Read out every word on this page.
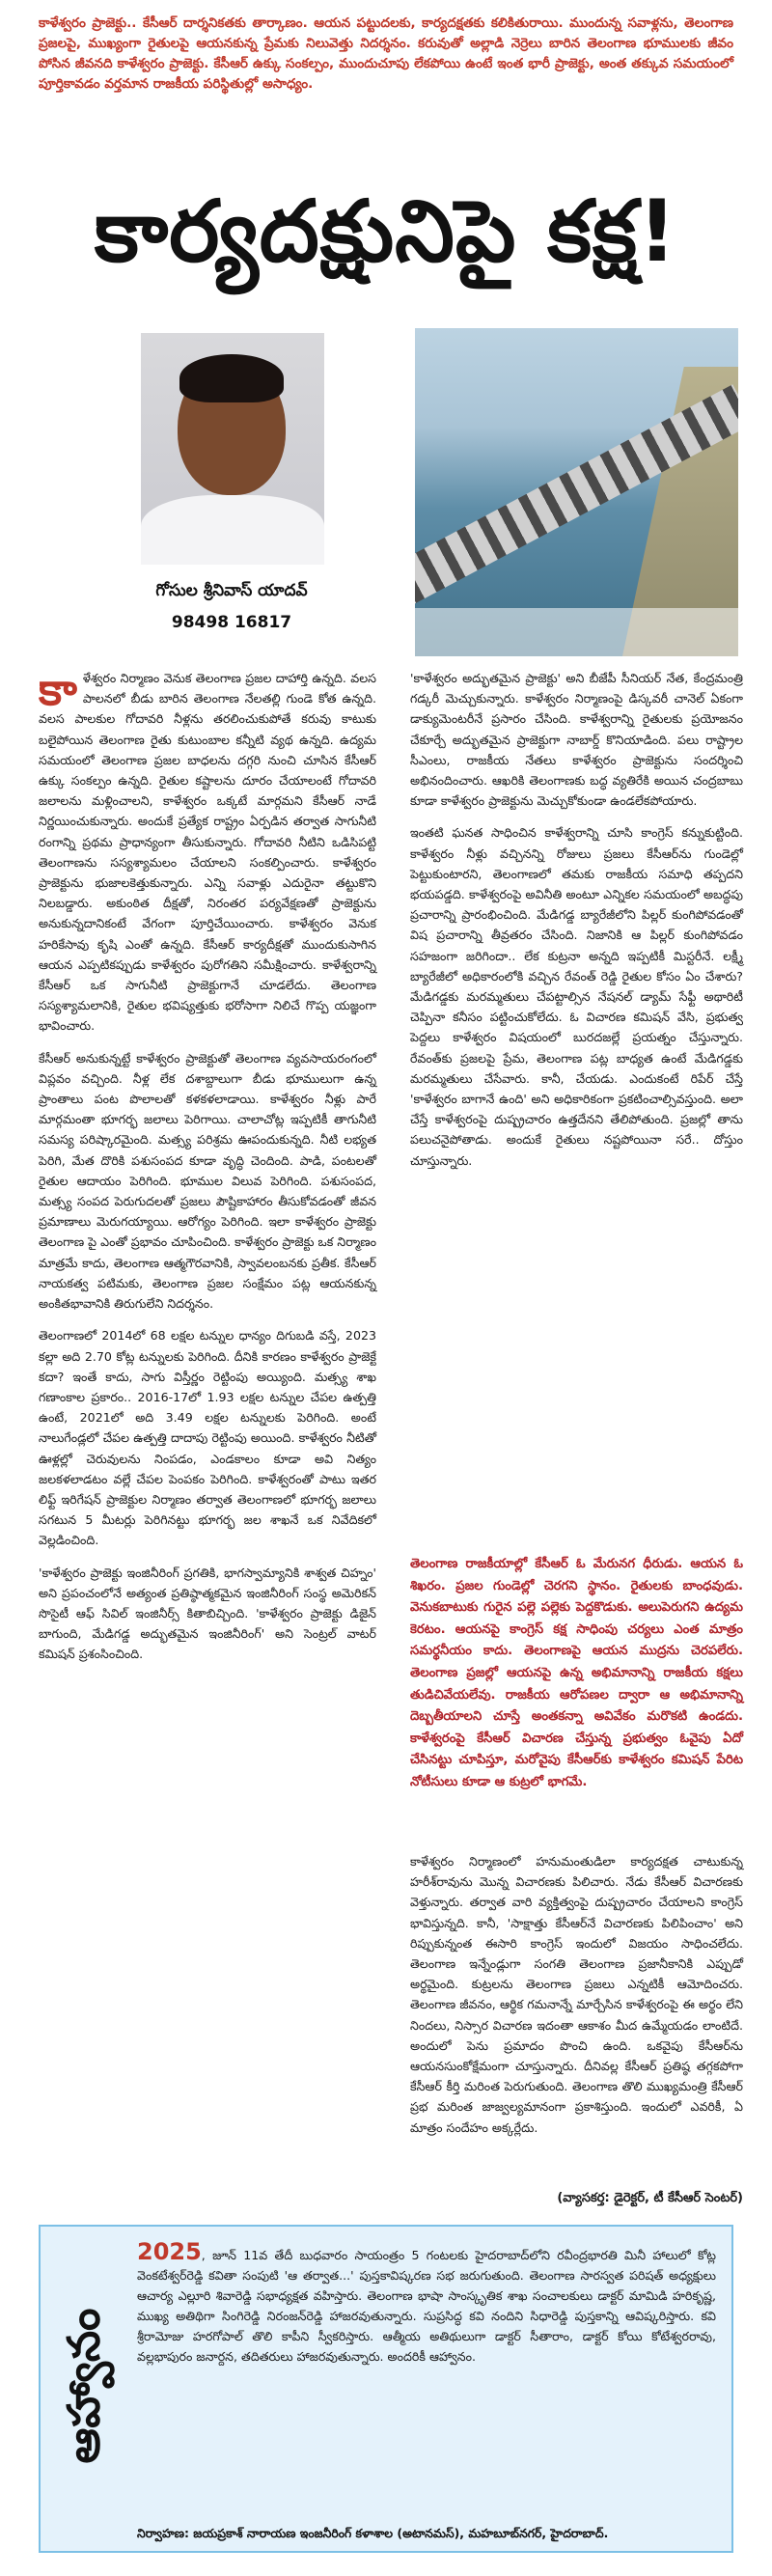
కాళేశ్వరం ప్రాజెక్టు.. కేసీఆర్ దార్శనికతకు తార్కాణం. ఆయన పట్టుదలకు, కార్యదక్షతకు కలికితురాయి. ముందున్న సవాళ్లను, తెలంగాణ ప్రజలపై, ముఖ్యంగా రైతులపై ఆయనకున్న ప్రేమకు నిలువెత్తు నిదర్శనం. కరువుతో అల్లాడి నెర్రెలు బారిన తెలంగాణ భూములకు జీవం పోసిన జీవనది కాళేశ్వరం ప్రాజెక్టు. కేసీఆర్ ఉక్కు సంకల్పం, ముందుచూపు లేకపోయి ఉంటే ఇంత భారీ ప్రాజెక్టు, అంత తక్కువ సమయంలో పూర్తికావడం వర్తమాన రాజకీయ పరిస్థితుల్లో అసాధ్యం.
కార్యదక్షునిపై కక్ష!
గోసుల శ్రీనివాస్ యాదవ్
98498 16817

కాళేశ్వరం నిర్మాణం వెనుక తెలంగాణ ప్రజల దాహార్తి ఉన్నది. వలస పాలనలో బీడు బారిన తెలంగాణ నేలతల్లి గుండె కోత ఉన్నది. వలస పాలకుల గోదావరి నీళ్లను తరలించుకుపోతే కరువు కాటుకు బలైపోయిన తెలంగాణ రైతు కుటుంబాల కన్నీటి వ్యథ ఉన్నది. ఉద్యమ సమయంలో తెలంగాణ ప్రజల బాధలను దగ్గరి నుంచి చూసిన కేసీఆర్ ఉక్కు సంకల్పం ఉన్నది. రైతుల కష్టాలను దూరం చేయాలంటే గోదావరి జలాలను మళ్లించాలని, కాళేశ్వరం ఒక్కటే మార్గమని కేసీఆర్ నాడే నిర్ణయించుకున్నారు. అందుకే ప్రత్యేక రాష్ట్రం ఏర్పడిన తర్వాత సాగునీటి రంగాన్ని ప్రథమ ప్రాధాన్యంగా తీసుకున్నారు. గోదావరి నీటిని ఒడిసిపట్టి తెలంగాణను సస్యశ్యామలం చేయాలని సంకల్పించారు. కాళేశ్వరం ప్రాజెక్టును భుజాలకెత్తుకున్నారు. ఎన్ని సవాళ్లు ఎదురైనా తట్టుకొని నిలబడ్డారు. అకుంఠిత దీక్షతో, నిరంతర పర్యవేక్షణతో ప్రాజెక్టును అనుకున్నదానికంటే వేగంగా పూర్తిచేయించారు. కాళేశ్వరం వెనుక హరికేసావు కృషి ఎంతో ఉన్నది. కేసీఆర్ కార్యదీక్షతో ముందుకుసాగిన ఆయన ఎప్పటికప్పుడు కాళేశ్వరం పురోగతిని సమీక్షించారు. కాళేశ్వరాన్ని కేసీఆర్ ఒక సాగునీటి ప్రాజెక్టుగానే చూడలేదు. తెలంగాణ సస్యశ్యామలానికి, రైతుల భవిష్యత్తుకు భరోసాగా నిలిచే గొప్ప యజ్ఞంగా భావించారు.

కేసీఆర్ అనుకున్నట్టే కాళేశ్వరం ప్రాజెక్టుతో తెలంగాణ వ్యవసాయరంగంలో విప్లవం వచ్చింది. నీళ్ల లేక దశాబ్దాలుగా బీడు భూములుగా ఉన్న ప్రాంతాలు పంట పొలాలతో కళకళలాడాయి. కాళేశ్వరం నీళ్లు పారే మార్గమంతా భూగర్భ జలాలు పెరిగాయి. చాలాచోట్ల ఇప్పటికీ తాగునీటి సమస్య పరిష్కారమైంది. మత్స్య పరిశ్రమ ఊపందుకున్నది. నీటి లభ్యత పెరిగి, మేత దొరికి పశుసంపద కూడా వృద్ధి చెందింది. పాడి, పంటలతో రైతుల ఆదాయం పెరిగింది. భూముల విలువ పెరిగింది. పశుసంపద, మత్స్య సంపద పెరుగుదలతో ప్రజలు పౌష్టికాహారం తీసుకోవడంతో జీవన ప్రమాణాలు మెరుగయ్యాయి. ఆరోగ్యం పెరిగింది. ఇలా కాళేశ్వరం ప్రాజెక్టు తెలంగాణ పై ఎంతో ప్రభావం చూపించింది. కాళేశ్వరం ప్రాజెక్టు ఒక నిర్మాణం మాత్రమే కాదు, తెలంగాణ ఆత్మగౌరవానికి, స్వావలంబనకు ప్రతీక. కేసీఆర్ నాయకత్వ పటిమకు, తెలంగాణ ప్రజల సంక్షేమం పట్ల ఆయనకున్న అంకితభావానికి తిరుగులేని నిదర్శనం.

తెలంగాణలో 2014లో 68 లక్షల టన్నుల ధాన్యం దిగుబడి వస్తే, 2023 కల్లా అది 2.70 కోట్ల టన్నులకు పెరిగింది. దీనికి కారణం కాళేశ్వరం ప్రాజెక్టే కదా? ఇంతే కాదు, సాగు విస్తీర్ణం రెట్టింపు అయ్యింది. మత్స్య శాఖ గణాంకాల ప్రకారం.. 2016-17లో 1.93 లక్షల టన్నుల చేపల ఉత్పత్తి ఉంటే, 2021లో అది 3.49 లక్షల టన్నులకు పెరిగింది. అంటే నాలుగేండ్లలో చేపల ఉత్పత్తి దాదాపు రెట్టింపు అయింది. కాళేశ్వరం నీటితో ఊళ్లల్లో చెరువులను నింపడం, ఎండకాలం కూడా అవి నిత్యం జలకళలాడటం వల్లే చేపల పెంపకం పెరిగింది. కాళేశ్వరంతో పాటు ఇతర లిఫ్ట్ ఇరిగేషన్ ప్రాజెక్టుల నిర్మాణం తర్వాత తెలంగాణలో భూగర్భ జలాలు సగటున 5 మీటర్లు పెరిగినట్టు భూగర్భ జల శాఖనే ఒక నివేదికలో వెల్లడించింది.

'కాళేశ్వరం ప్రాజెక్టు ఇంజినీరింగ్ ప్రగతికి, భాగస్వామ్యానికి శాశ్వత చిహ్నం' అని ప్రపంచంలోనే అత్యంత ప్రతిష్ఠాత్మకమైన ఇంజినీరింగ్ సంస్థ అమెరికన్ సొసైటీ ఆఫ్ సివిల్ ఇంజినీర్స్ కితాబిచ్చింది. 'కాళేశ్వరం ప్రాజెక్టు డిజైన్ బాగుంది, మేడిగడ్డ అద్భుతమైన ఇంజినీరింగ్' అని సెంట్రల్ వాటర్ కమిషన్ ప్రశంసించింది.

'కాళేశ్వరం అద్భుతమైన ప్రాజెక్టు' అని బీజేపీ సీనియర్ నేత, కేంద్రమంత్రి గడ్కరీ మెచ్చుకున్నారు. కాళేశ్వరం నిర్మాణంపై డిస్కవరీ చానెల్ ఏకంగా డాక్యుమెంటరీనే ప్రసారం చేసింది. కాళేశ్వరాన్ని రైతులకు ప్రయోజనం చేకూర్చే అద్భుతమైన ప్రాజెక్టుగా నాబార్డ్ కొనియాడింది. పలు రాష్ట్రాల సీఎంలు, రాజకీయ నేతలు కాళేశ్వరం ప్రాజెక్టును సందర్శించి అభినందించారు. ఆఖరికి తెలంగాణకు బద్ధ వ్యతిరేకి అయిన చంద్రబాబు కూడా కాళేశ్వరం ప్రాజెక్టును మెచ్చుకోకుండా ఉండలేకపోయారు.

ఇంతటి ఘనత సాధించిన కాళేశ్వరాన్ని చూసి కాంగ్రెస్ కన్నుకుట్టింది. కాళేశ్వరం నీళ్లు వచ్చినన్ని రోజులు ప్రజలు కేసీఆర్‌ను గుండెల్లో పెట్టుకుంటారని, తెలంగాణలో తమకు రాజకీయ సమాధి తప్పదని భయపడ్డది. కాళేశ్వరంపై అవినీతి అంటూ ఎన్నికల సమయంలో అబద్ధపు ప్రచారాన్ని ప్రారంభించింది. మేడిగడ్డ బ్యారేజీలోని పిల్లర్ కుంగిపోవడంతో విష ప్రచారాన్ని తీవ్రతరం చేసింది. నిజానికి ఆ పిల్లర్ కుంగిపోవడం సహజంగా జరిగిందా.. లేక కుట్రనా అన్నది ఇప్పటికీ మిస్టరీనే. లక్ష్మీ బ్యారేజీలో అధికారంలోకి వచ్చిన రేవంత్ రెడ్డి రైతుల కోసం ఏం చేశారు? మేడిగడ్డకు మరమ్మతులు చేపట్టాల్సిన నేషనల్ డ్యామ్ సేఫ్టీ అథారిటీ చెప్పినా కనీసం పట్టించుకోలేదు. ఓ విచారణ కమిషన్ వేసి, ప్రభుత్వ పెద్దలు కాళేశ్వరం విషయంలో బురదజల్లే ప్రయత్నం చేస్తున్నారు. రేవంత్‌కు ప్రజలపై ప్రేమ, తెలంగాణ పట్ల బాధ్యత ఉంటే మేడిగడ్డకు మరమ్మతులు చేసేవారు. కానీ, చేయడు. ఎందుకంటే రిపేర్ చేస్తే 'కాళేశ్వరం బాగానే ఉంది' అని అధికారికంగా ప్రకటించాల్సివస్తుంది. అలా చేస్తే కాళేశ్వరంపై దుష్ప్రచారం ఉత్తదేనని తేలిపోతుంది. ప్రజల్లో తాను పలుచనైపోతాడు. అందుకే రైతులు నష్టపోయినా సరే.. దోస్తుం చూస్తున్నారు.

తెలంగాణ రాజకీయాల్లో కేసీఆర్ ఓ మేరునగ ధీరుడు. ఆయన ఓ శిఖరం. ప్రజల గుండెల్లో చెరగని స్థానం. రైతులకు బాంధవుడు. వెనుకబాటుకు గురైన పల్లె పల్లెకు పెద్దకొడుకు. అలుపెరుగని ఉద్యమ కెరటం. ఆయనపై కాంగ్రెస్ కక్ష సాధింపు చర్యలు ఎంత మాత్రం సమర్థనీయం కాదు. తెలంగాణపై ఆయన ముద్రను చెరపలేరు. తెలంగాణ ప్రజల్లో ఆయనపై ఉన్న అభిమానాన్ని రాజకీయ కక్షలు తుడిచివేయలేవు. రాజకీయ ఆరోపణల ద్వారా ఆ అభిమానాన్ని దెబ్బతీయాలని చూస్తే అంతకన్నా అవివేకం మరొకటి ఉండదు. కాళేశ్వరంపై కేసీఆర్ విచారణ చేస్తున్న ప్రభుత్వం ఓవైపు ఏదో చేసినట్టు చూపిస్తూ, మరోవైపు కేసీఆర్‌కు కాళేశ్వరం కమిషన్ పేరిట నోటీసులు కూడా ఆ కుట్రలో భాగమే.

కాళేశ్వరం నిర్మాణంలో హనుమంతుడిలా కార్యదక్షత చాటుకున్న హరీశ్‌రావును మొన్న విచారణకు పిలిచారు. నేడు కేసీఆర్ విచారణకు వెళ్తున్నారు. తర్వాత వారి వ్యక్తిత్వంపై దుష్ప్రచారం చేయాలని కాంగ్రెస్ భావిస్తున్నది. కానీ, 'సాక్షాత్తు కేసీఆర్‌నే విచారణకు పిలిపించాం' అని రిప్పుకున్నంత ఈసారి కాంగ్రెస్ ఇందులో విజయం సాధించలేదు. తెలంగాణ ఇన్నేండ్లుగా సంగతి తెలంగాణ ప్రజానీకానికి ఎప్పుడో అర్థమైంది. కుట్రలను తెలంగాణ ప్రజలు ఎన్నటికీ ఆమోదించరు. తెలంగాణ జీవనం, ఆర్థిక గమనాన్నే మార్చేసిన కాళేశ్వరంపై ఈ అర్థం లేని నిందలు, నిస్సార విచారణ ఇదంతా ఆకాశం మీద ఉమ్మేయడం లాంటిదే. అందులో పెను ప్రమాదం పొంచి ఉంది. ఒకవైపు కేసీఆర్‌ను ఆయనసుంకోక్షేమంగా చూస్తున్నారు. దీనివల్ల కేసీఆర్ ప్రతిష్ఠ తగ్గకపోగా కేసీఆర్ కీర్తి మరింత పెరుగుతుంది. తెలంగాణ తొలి ముఖ్యమంత్రి కేసీఆర్ ప్రభ మరింత జాజ్వల్యమానంగా ప్రకాశిస్తుంది. ఇందులో ఎవరికీ, ఏ మాత్రం సందేహం అక్కర్లేదు.

(వ్యాసకర్త: డైరెక్టర్, టీ కేసీఆర్ సెంటర్)
ఆహ్వానం
2025, జూన్ 11వ తేదీ బుధవారం సాయంత్రం 5 గంటలకు హైదరాబాద్‌లోని రవీంద్రభారతి మినీ హాలులో కోట్ల వెంకటేశ్వర్‌రెడ్డి కవితా సంపుటి 'ఆ తర్వాత...' పుస్తకావిష్కరణ సభ జరుగుతుంది. తెలంగాణ సారస్వత పరిషత్ అధ్యక్షులు ఆచార్య ఎల్లూరి శివారెడ్డి సభాధ్యక్షత వహిస్తారు. తెలంగాణ భాషా సాంస్కృతిక శాఖ సంచాలకులు డాక్టర్ మామిడి హరికృష్ణ, ముఖ్య అతిథిగా సింగిరెడ్డి నిరంజన్‌రెడ్డి హాజరవుతున్నారు. సుప్రసిద్ధ కవి నందిని సిధారెడ్డి పుస్తకాన్ని ఆవిష్కరిస్తారు. కవి శ్రీరామోజు హరగోపాల్ తొలి కాపీని స్వీకరిస్తారు. ఆత్మీయ అతిథులుగా డాక్టర్ సీతారాం, డాక్టర్ కోయి కోటేశ్వరరావు, వల్లభాపురం జనార్దన, తదితరులు హాజరవుతున్నారు. అందరికీ ఆహ్వానం.
నిర్వాహణ: జయప్రకాశ్ నారాయణ ఇంజనీరింగ్ కళాశాల (అటానమస్), మహబూబ్‌నగర్, హైదరాబాద్.
